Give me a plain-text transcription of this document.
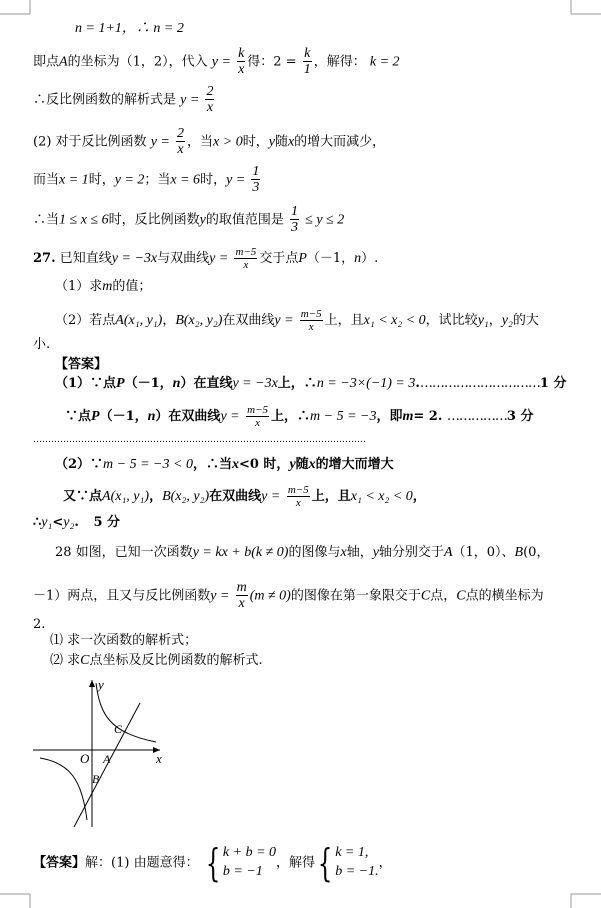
n = 1+1，∴ n = 2
即点A的坐标为（1，2），代入 $y = \frac{k}{x}$ 得：$2 = \frac{k}{1}$ ，解得： k = 2
∴反比例函数的解析式是 $y = \frac{2}{x}$
(2) 对于反比例函数 $y = \frac{2}{x}$ ，当x > 0时，y随x的增大而减少，
而当x = 1时，y = 2；当x = 6时，$y = \frac{1}{3}$
∴当1 ≤ x ≤ 6时，反比例函数y的取值范围是 $\frac{1}{3} \le y \le 2$
27. 已知直线y = −3x与双曲线$y = \frac{m-5}{x}$ 交于点P（－1，n）.
（1）求m的值；
（2）若点A(x₁, y₁)，B(x₂, y₂)在双曲线$y = \frac{m-5}{x}$ 上，且x₁ < x₂ < 0，试比较y₁，y₂的大
小.
【答案】
（1）∵点P（－1，n）在直线y = −3x上，∴n = −3×(−1) = 3.…………………………1 分
∵点P（－1，n）在双曲线$y = \frac{m-5}{x}$ 上，∴m − 5 = −3，即m= 2. ……………3 分
…………………………………………………………………………………………………
（2）∵m − 5 = −3 < 0，∴当x<0 时，y随x的增大而增大
又∵点A(x₁, y₁)，B(x₂, y₂)在双曲线$y = \frac{m-5}{x}$ 上，且x₁ < x₂ < 0，
∴y₁<y₂. 5 分
28 如图，已知一次函数y = kx + b(k ≠ 0)的图像与x轴，y轴分别交于A（1，0）、B(0，
－1）两点，且又与反比例函数$y = \frac{m}{x} (m \ne 0)$的图像在第一象限交于C点，C点的横坐标为
2.
⑴ 求一次函数的解析式；
⑵ 求C点坐标及反比例函数的解析式.
y
x
O A
B
C
【答案】解：(1) 由题意得： { k + b = 0
b = −1
，解得{ k = 1,
b = −1.
，
